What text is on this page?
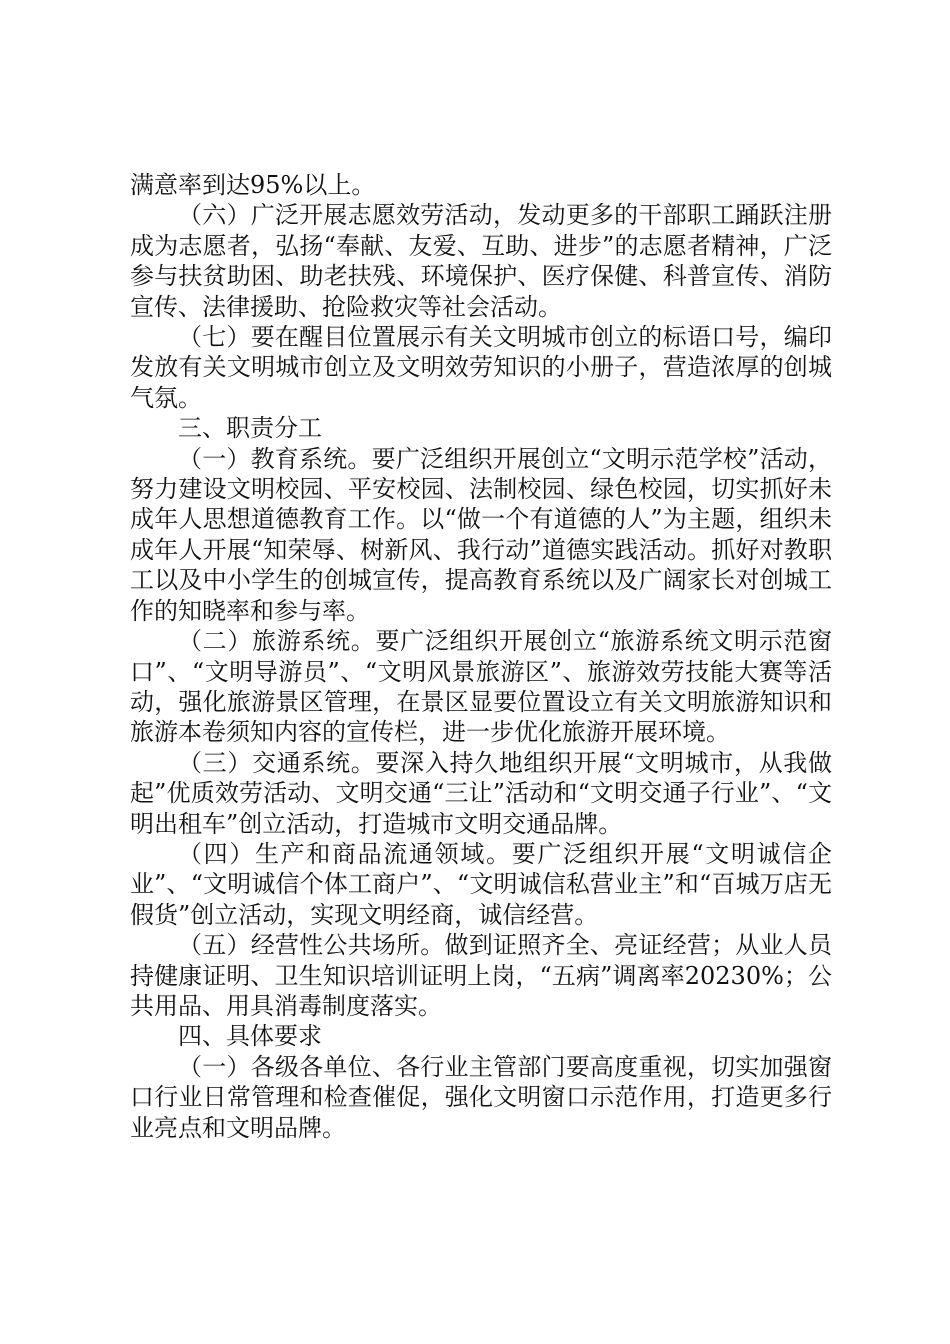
满意率到达95%以上。

（六）广泛开展志愿效劳活动，发动更多的干部职工踊跃注册成为志愿者，弘扬“奉献、友爱、互助、进步”的志愿者精神，广泛参与扶贫助困、助老扶残、环境保护、医疗保健、科普宣传、消防宣传、法律援助、抢险救灾等社会活动。

（七）要在醒目位置展示有关文明城市创立的标语口号，编印发放有关文明城市创立及文明效劳知识的小册子，营造浓厚的创城气氛。

三、职责分工

（一）教育系统。要广泛组织开展创立“文明示范学校”活动，努力建设文明校园、平安校园、法制校园、绿色校园，切实抓好未成年人思想道德教育工作。以“做一个有道德的人”为主题，组织未成年人开展“知荣辱、树新风、我行动”道德实践活动。抓好对教职工以及中小学生的创城宣传，提高教育系统以及广阔家长对创城工作的知晓率和参与率。

（二）旅游系统。要广泛组织开展创立“旅游系统文明示范窗口”、“文明导游员”、“文明风景旅游区”、旅游效劳技能大赛等活动，强化旅游景区管理，在景区显要位置设立有关文明旅游知识和旅游本卷须知内容的宣传栏，进一步优化旅游开展环境。

（三）交通系统。要深入持久地组织开展“文明城市，从我做起”优质效劳活动、文明交通“三让”活动和“文明交通子行业”、“文明出租车”创立活动，打造城市文明交通品牌。

（四）生产和商品流通领域。要广泛组织开展“文明诚信企业”、“文明诚信个体工商户”、“文明诚信私营业主”和“百城万店无假货”创立活动，实现文明经商，诚信经营。

（五）经营性公共场所。做到证照齐全、亮证经营；从业人员持健康证明、卫生知识培训证明上岗，“五病”调离率20230%；公共用品、用具消毒制度落实。

四、具体要求

（一）各级各单位、各行业主管部门要高度重视，切实加强窗口行业日常管理和检查催促，强化文明窗口示范作用，打造更多行业亮点和文明品牌。
